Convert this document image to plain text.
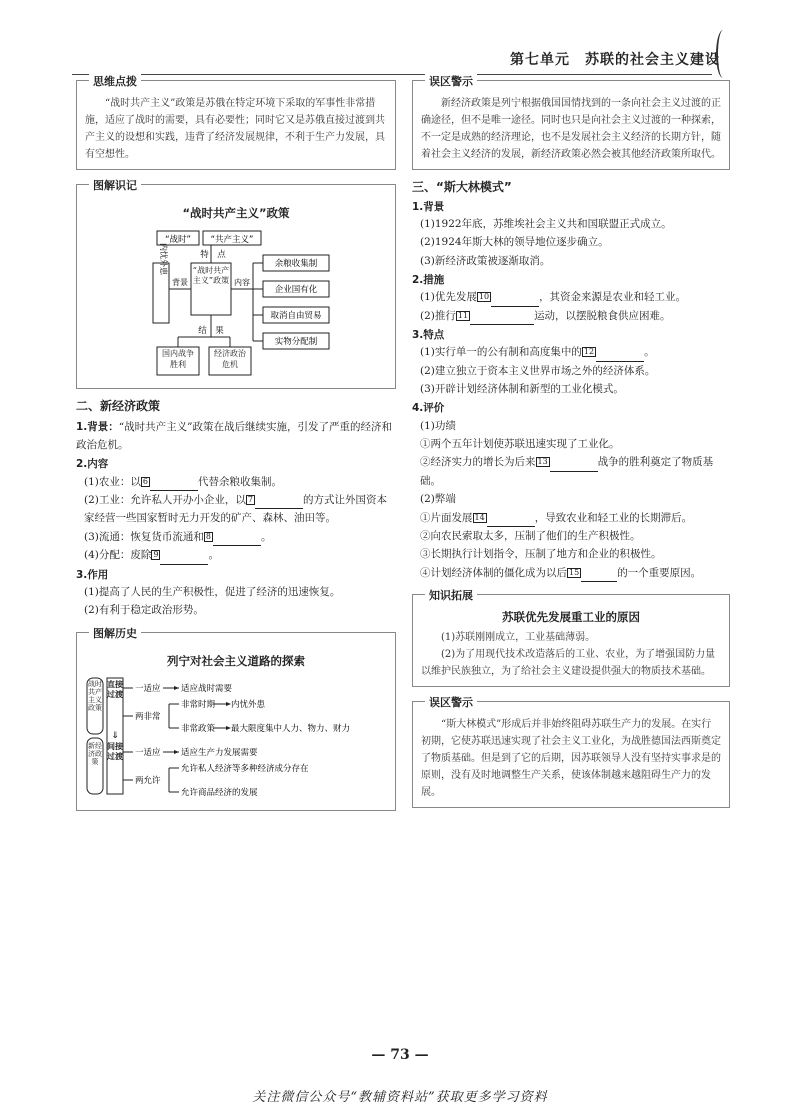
第七单元　苏联的社会主义建设
思维点拨

“战时共产主义”政策是苏俄在特定环境下采取的军事性非常措施，适应了战时的需要，具有必要性；同时它又是苏俄直接过渡到共产主义的设想和实践，违背了经济发展规律，不利于生产力发展，具有空想性。

图解识记
“战时共产主义”政策
“战时” “共产主义”
特　点
内忧外患
背景
“战时共产主义”政策 内容
余粮收集制
企业国有化
取消自由贸易
实物分配制
结　果
国内战争胜利
经济政治危机
二、新经济政策
1.背景：“战时共产主义”政策在战后继续实施，引发了严重的经济和政治危机。
2.内容
(1)农业：以 6	代替余粮收集制。
(2)工业：允许私人开办小企业，以 7	的方式让外国资本家经营一些国家暂时无力开发的矿产、森林、油田等。
(3)流通：恢复货币流通和 8	。
(4)分配：废除 9	。
3.作用
(1)提高了人民的生产积极性，促进了经济的迅速恢复。
(2)有利于稳定政治形势。
图解历史
列宁对社会主义道路的探索
战时共产主义政策
新经济政策
直接过渡
⇓
间接过渡
一适应 适应战时需要
两非常
非常时期 内忧外患
非常政策 最大限度集中人力、物力、财力
一适应 适应生产力发展需要
两允许
允许私人经济等多种经济成分存在
允许商品经济的发展
误区警示

新经济政策是列宁根据俄国国情找到的一条向社会主义过渡的正确途径，但不是唯一途径。同时也只是向社会主义过渡的一种探索，不一定是成熟的经济理论，也不是发展社会主义经济的长期方针，随着社会主义经济的发展，新经济政策必然会被其他经济政策所取代。

三、“斯大林模式”
1.背景
(1)1922年底，苏维埃社会主义共和国联盟正式成立。
(2)1924年斯大林的领导地位逐步确立。
(3)新经济政策被逐渐取消。
2.措施
(1)优先发展 10	，其资金来源是农业和轻工业。
(2)推行 11	运动，以摆脱粮食供应困难。
3.特点
(1)实行单一的公有制和高度集中的 12	。
(2)建立独立于资本主义世界市场之外的经济体系。
(3)开辟计划经济体制和新型的工业化模式。
4.评价
(1)功绩
①两个五年计划使苏联迅速实现了工业化。
②经济实力的增长为后来 13	战争的胜利奠定了物质基础。
(2)弊端
①片面发展 14	，导致农业和轻工业的长期滞后。
②向农民索取太多，压制了他们的生产积极性。
③长期执行计划指令，压制了地方和企业的积极性。
④计划经济体制的僵化成为以后 15	的一个重要原因。
知识拓展
苏联优先发展重工业的原因

(1)苏联刚刚成立，工业基础薄弱。

(2)为了用现代技术改造落后的工业、农业，为了增强国防力量以维护民族独立，为了给社会主义建设提供强大的物质技术基础。

误区警示

“斯大林模式”形成后并非始终阻碍苏联生产力的发展。在实行初期，它使苏联迅速实现了社会主义工业化，为战胜德国法西斯奠定了物质基础。但是到了它的后期，因苏联领导人没有坚持实事求是的原则，没有及时地调整生产关系，使该体制越来越阻碍生产力的发展。

— 73 —
关注微信公众号“教辅资料站”获取更多学习资料
